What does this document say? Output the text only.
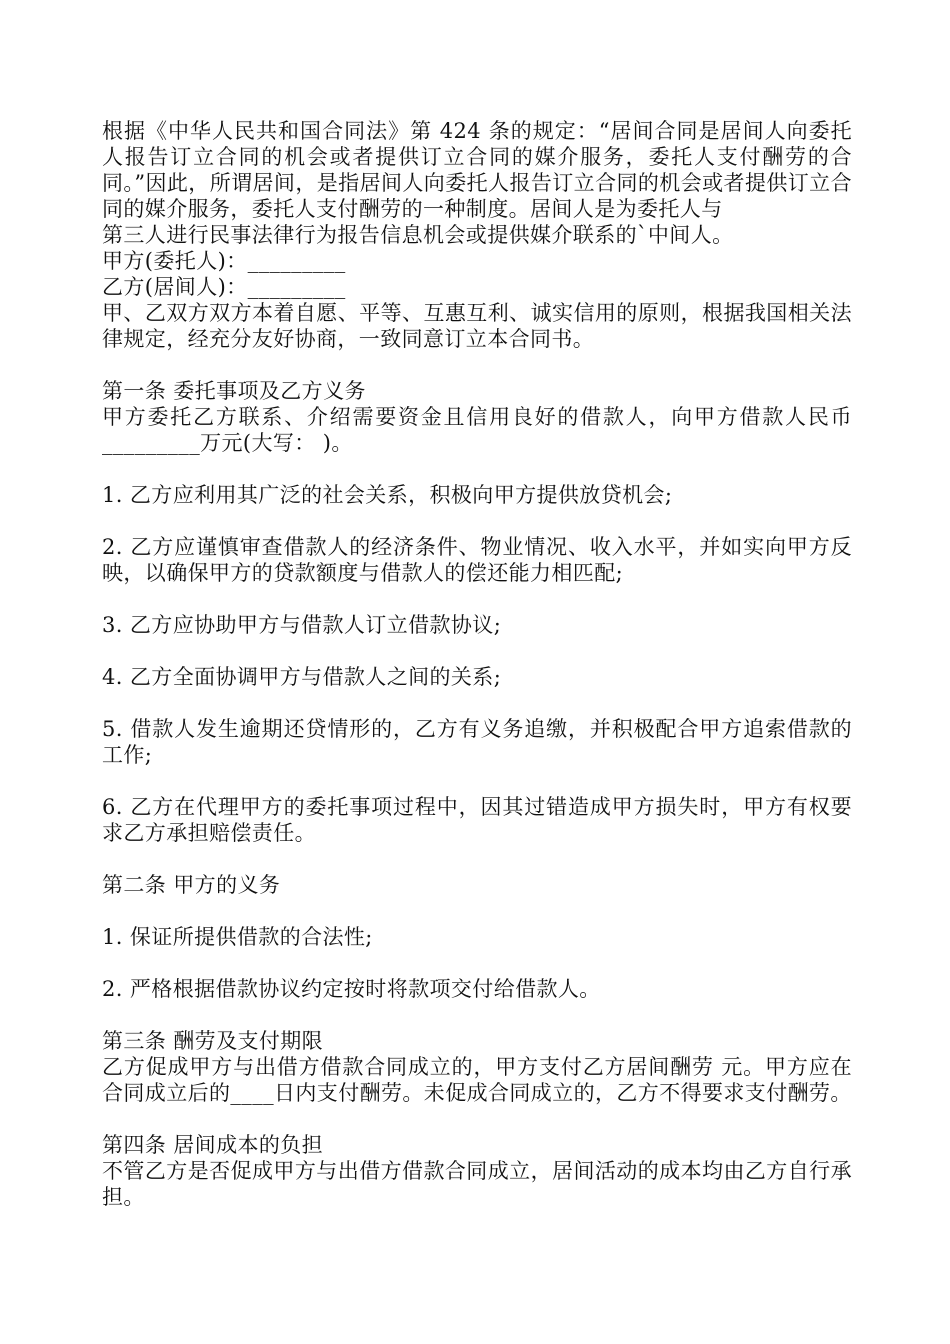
根据《中华人民共和国合同法》第 424 条的规定：“居间合同是居间人向委托人报告订立合同的机会或者提供订立合同的媒介服务，委托人支付酬劳的合同。”因此，所谓居间，是指居间人向委托人报告订立合同的机会或者提供订立合同的媒介服务，委托人支付酬劳的一种制度。居间人是为委托人与

第三人进行民事法律行为报告信息机会或提供媒介联系的`中间人。

甲方(委托人)：_________

乙方(居间人)：_________

甲、乙双方双方本着自愿、平等、互惠互利、诚实信用的原则，根据我国相关法律规定，经充分友好协商，一致同意订立本合同书。

第一条 委托事项及乙方义务

甲方委托乙方联系、介绍需要资金且信用良好的借款人，向甲方借款人民币 _________万元(大写： )。

1. 乙方应利用其广泛的社会关系，积极向甲方提供放贷机会;

2. 乙方应谨慎审查借款人的经济条件、物业情况、收入水平，并如实向甲方反映，以确保甲方的贷款额度与借款人的偿还能力相匹配;

3. 乙方应协助甲方与借款人订立借款协议;

4. 乙方全面协调甲方与借款人之间的关系;

5. 借款人发生逾期还贷情形的，乙方有义务追缴，并积极配合甲方追索借款的工作;

6. 乙方在代理甲方的委托事项过程中，因其过错造成甲方损失时，甲方有权要求乙方承担赔偿责任。

第二条 甲方的义务

1. 保证所提供借款的合法性;

2. 严格根据借款协议约定按时将款项交付给借款人。

第三条 酬劳及支付期限

乙方促成甲方与出借方借款合同成立的，甲方支付乙方居间酬劳 元。甲方应在合同成立后的____日内支付酬劳。未促成合同成立的，乙方不得要求支付酬劳。

第四条 居间成本的负担

不管乙方是否促成甲方与出借方借款合同成立，居间活动的成本均由乙方自行承担。
